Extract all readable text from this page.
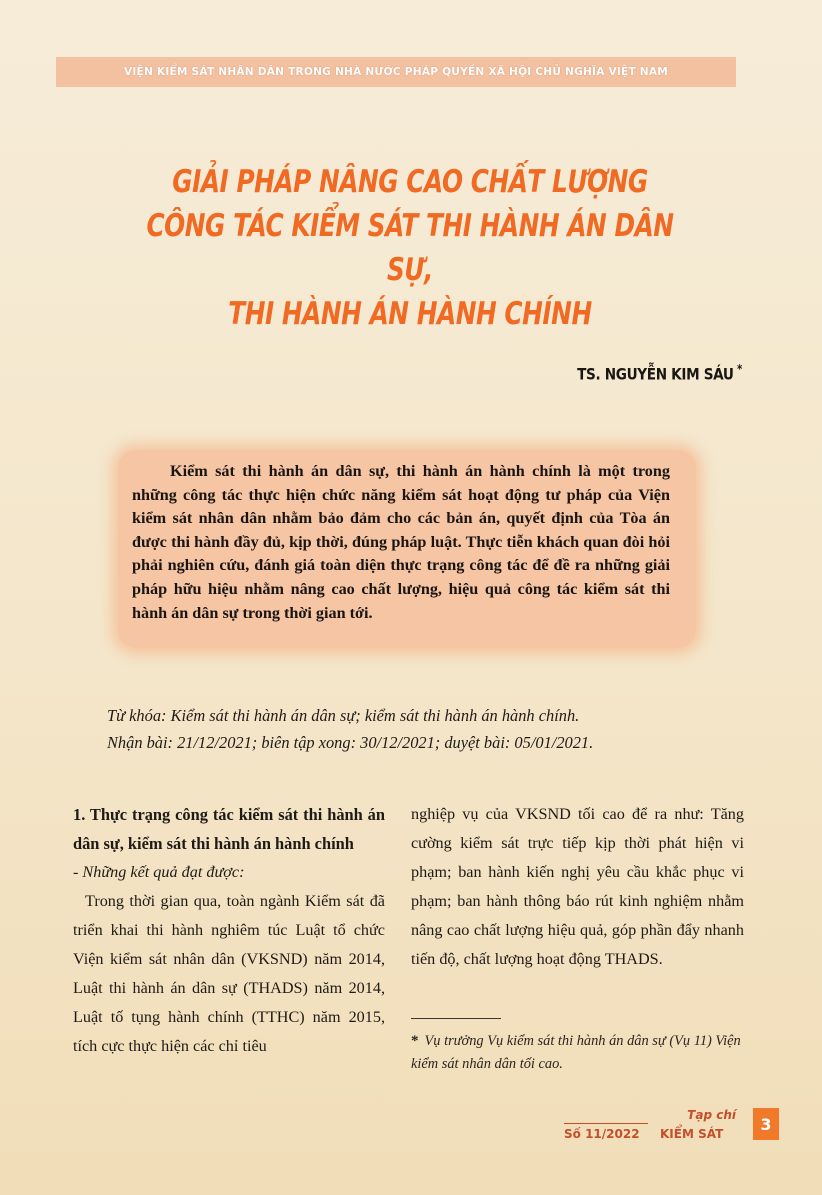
VIỆN KIỂM SÁT NHÂN DÂN TRONG NHÀ NƯỚC PHÁP QUYỀN XÃ HỘI CHỦ NGHĨA VIỆT NAM
GIẢI PHÁP NÂNG CAO CHẤT LƯỢNG
CÔNG TÁC KIỂM SÁT THI HÀNH ÁN DÂN SỰ,
THI HÀNH ÁN HÀNH CHÍNH
TS. NGUYỄN KIM SÁU *
Kiểm sát thi hành án dân sự, thi hành án hành chính là một trong những công tác thực hiện chức năng kiểm sát hoạt động tư pháp của Viện kiểm sát nhân dân nhằm bảo đảm cho các bản án, quyết định của Tòa án được thi hành đầy đủ, kịp thời, đúng pháp luật. Thực tiễn khách quan đòi hỏi phải nghiên cứu, đánh giá toàn diện thực trạng công tác để đề ra những giải pháp hữu hiệu nhằm nâng cao chất lượng, hiệu quả công tác kiểm sát thi hành án dân sự trong thời gian tới.
Từ khóa: Kiểm sát thi hành án dân sự; kiểm sát thi hành án hành chính.
Nhận bài: 21/12/2021; biên tập xong: 30/12/2021; duyệt bài: 05/01/2021.
1. Thực trạng công tác kiểm sát thi hành án dân sự, kiểm sát thi hành án hành chính
- Những kết quả đạt được:
Trong thời gian qua, toàn ngành Kiểm sát đã triển khai thi hành nghiêm túc Luật tổ chức Viện kiểm sát nhân dân (VKSND) năm 2014, Luật thi hành án dân sự (THADS) năm 2014, Luật tố tụng hành chính (TTHC) năm 2015, tích cực thực hiện các chỉ tiêu
nghiệp vụ của VKSND tối cao để ra như: Tăng cường kiểm sát trực tiếp kịp thời phát hiện vi phạm; ban hành kiến nghị yêu cầu khắc phục vi phạm; ban hành thông báo rút kinh nghiệm nhằm nâng cao chất lượng hiệu quả, góp phần đẩy nhanh tiến độ, chất lượng hoạt động THADS.
* Vụ trưởng Vụ kiểm sát thi hành án dân sự (Vụ 11) Viện kiểm sát nhân dân tối cao.
Tạp chí
Số 11/2022 KIỂM SÁT
3
